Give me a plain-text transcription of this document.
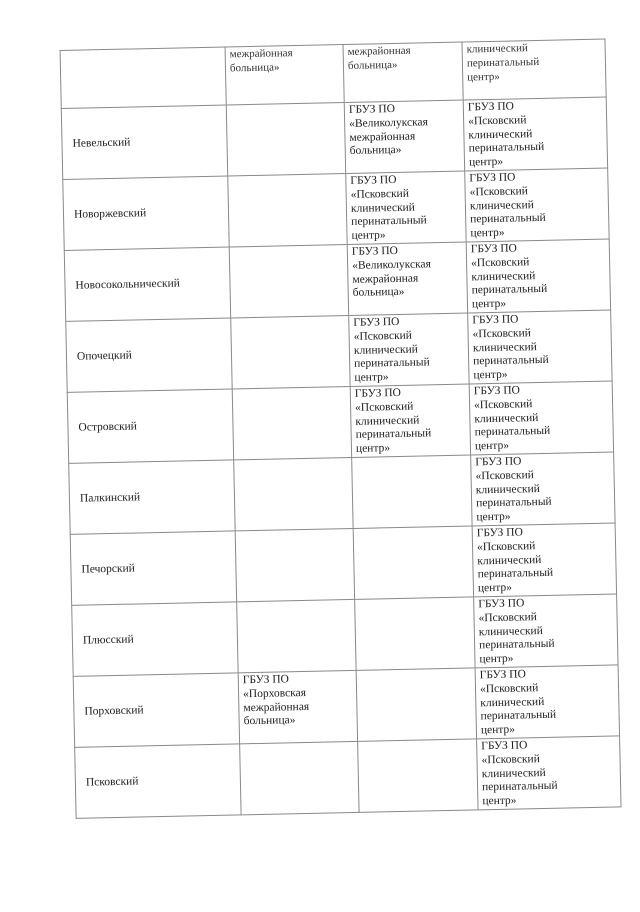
	межрайонная
больница»	межрайонная
больница»	клинический
перинатальный
центр»
Невельский		ГБУЗ ПО
«Великолукская
межрайонная
больница»	ГБУЗ ПО
«Псковский
клинический
перинатальный
центр»
Новоржевский		ГБУЗ ПО
«Псковский
клинический
перинатальный
центр»	ГБУЗ ПО
«Псковский
клинический
перинатальный
центр»
Новосокольнический		ГБУЗ ПО
«Великолукская
межрайонная
больница»	ГБУЗ ПО
«Псковский
клинический
перинатальный
центр»
Опочецкий		ГБУЗ ПО
«Псковский
клинический
перинатальный
центр»	ГБУЗ ПО
«Псковский
клинический
перинатальный
центр»
Островский		ГБУЗ ПО
«Псковский
клинический
перинатальный
центр»	ГБУЗ ПО
«Псковский
клинический
перинатальный
центр»
Палкинский			ГБУЗ ПО
«Псковский
клинический
перинатальный
центр»
Печорский			ГБУЗ ПО
«Псковский
клинический
перинатальный
центр»
Плюсский			ГБУЗ ПО
«Псковский
клинический
перинатальный
центр»
Порховский	ГБУЗ ПО
«Порховская
межрайонная
больница»		ГБУЗ ПО
«Псковский
клинический
перинатальный
центр»
Псковский			ГБУЗ ПО
«Псковский
клинический
перинатальный
центр»
